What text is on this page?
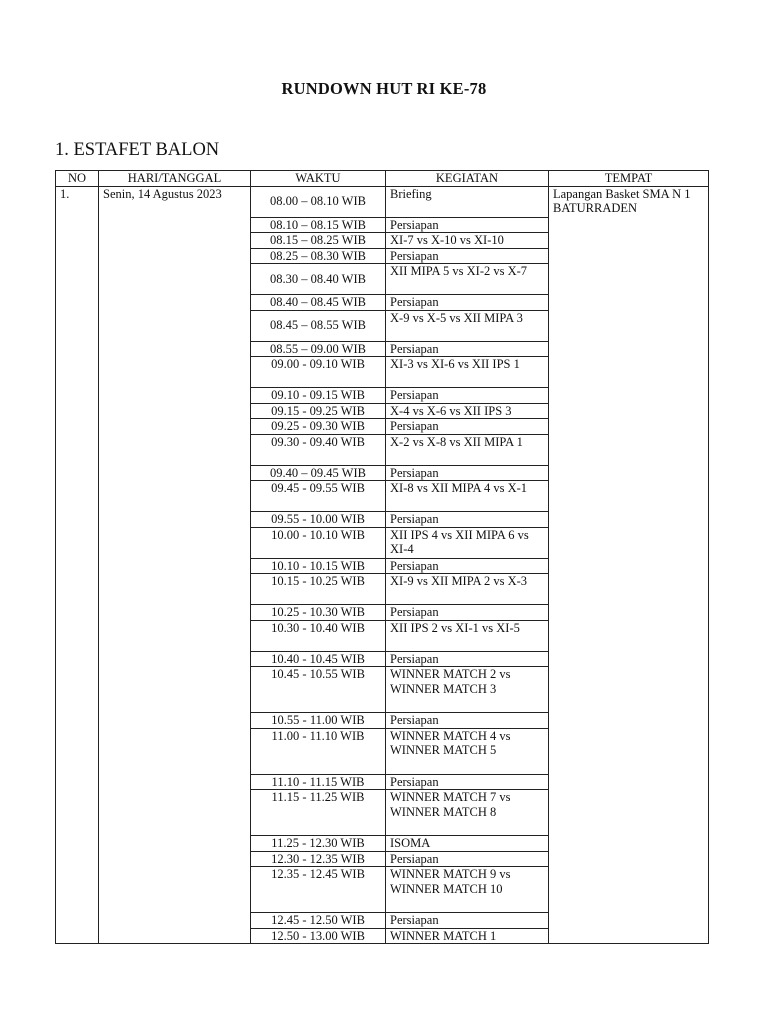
RUNDOWN HUT RI KE-78
1. ESTAFET BALON
NO	HARI/TANGGAL	WAKTU	KEGIATAN	TEMPAT
1.	Senin, 14 Agustus 2023	08.00 – 08.10 WIB	Briefing	Lapangan Basket SMA N 1 BATURRADEN
		08.10 – 08.15 WIB	Persiapan	
		08.15 – 08.25 WIB	XI-7 vs X-10 vs XI-10	
		08.25 – 08.30 WIB	Persiapan	
		08.30 – 08.40 WIB	XII MIPA 5 vs XI-2 vs X-7	
		08.40 – 08.45 WIB	Persiapan	
		08.45 – 08.55 WIB	X-9 vs X-5 vs XII MIPA 3	
		08.55 – 09.00 WIB	Persiapan	
		09.00 - 09.10 WIB	XI-3 vs XI-6 vs XII IPS 1	
		09.10 - 09.15 WIB	Persiapan	
		09.15 - 09.25 WIB	X-4 vs X-6 vs XII IPS 3	
		09.25 - 09.30 WIB	Persiapan	
		09.30 - 09.40 WIB	X-2 vs X-8 vs XII MIPA 1	
		09.40 – 09.45 WIB	Persiapan	
		09.45 - 09.55 WIB	XI-8 vs XII MIPA 4 vs X-1	
		09.55 - 10.00 WIB	Persiapan	
		10.00 - 10.10 WIB	XII IPS 4 vs XII MIPA 6 vs XI-4	
		10.10 - 10.15 WIB	Persiapan	
		10.15 - 10.25 WIB	XI-9 vs XII MIPA 2 vs X-3	
		10.25 - 10.30 WIB	Persiapan	
		10.30 - 10.40 WIB	XII IPS 2 vs XI-1 vs XI-5	
		10.40 - 10.45 WIB	Persiapan	
		10.45 - 10.55 WIB	WINNER MATCH 2 vs WINNER MATCH 3	
		10.55 - 11.00 WIB	Persiapan	
		11.00 - 11.10 WIB	WINNER MATCH 4 vs WINNER MATCH 5	
		11.10 - 11.15 WIB	Persiapan	
		11.15 - 11.25 WIB	WINNER MATCH 7 vs WINNER MATCH 8	
		11.25 - 12.30 WIB	ISOMA	
		12.30 - 12.35 WIB	Persiapan	
		12.35 - 12.45 WIB	WINNER MATCH 9 vs WINNER MATCH 10	
		12.45 - 12.50 WIB	Persiapan	
		12.50 - 13.00 WIB	WINNER MATCH 1	
